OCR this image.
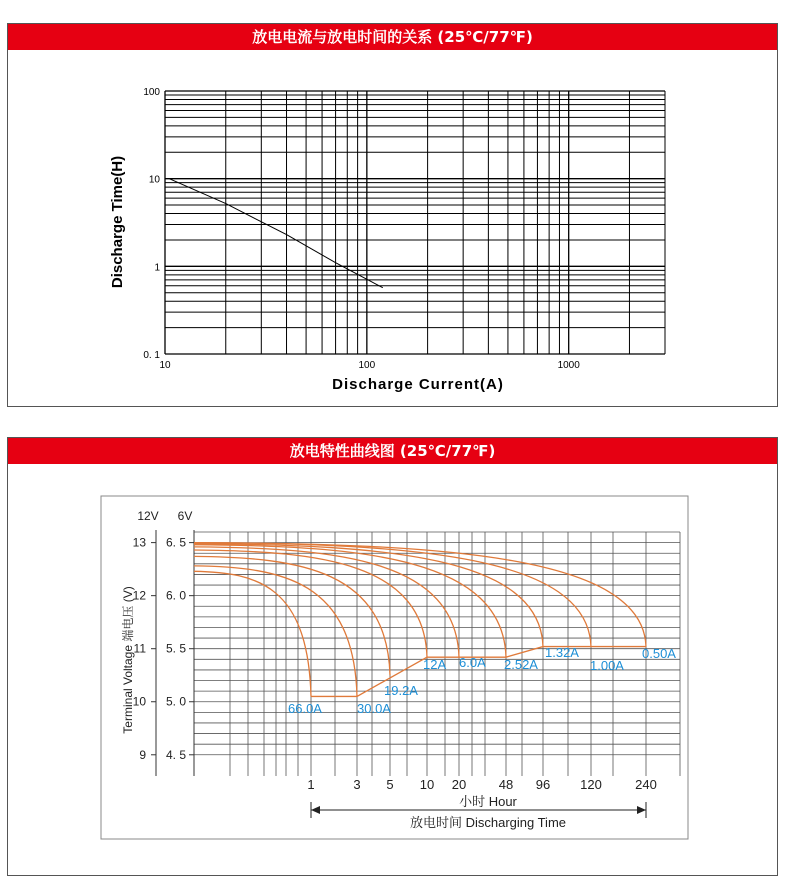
放电电流与放电时间的关系 (25℃/77℉)
10	100	1000
0. 1
1
10
100
Discharge Current(A)
Discharge Time(H)
放电特性曲线图 (25℃/77℉)
12V 6V
13 6. 5
12 6. 0
11 5. 5
10 5. 0
9 4. 5
Terminal Voltage 端电压 (V)	66.0A	30.0A
19.2A
12A 6.0A 2.52A
1.32A
1.00A
0.50A
1	3 5 10 20	48 96 120	240
小时 Hour
放电时间 Discharging Time
